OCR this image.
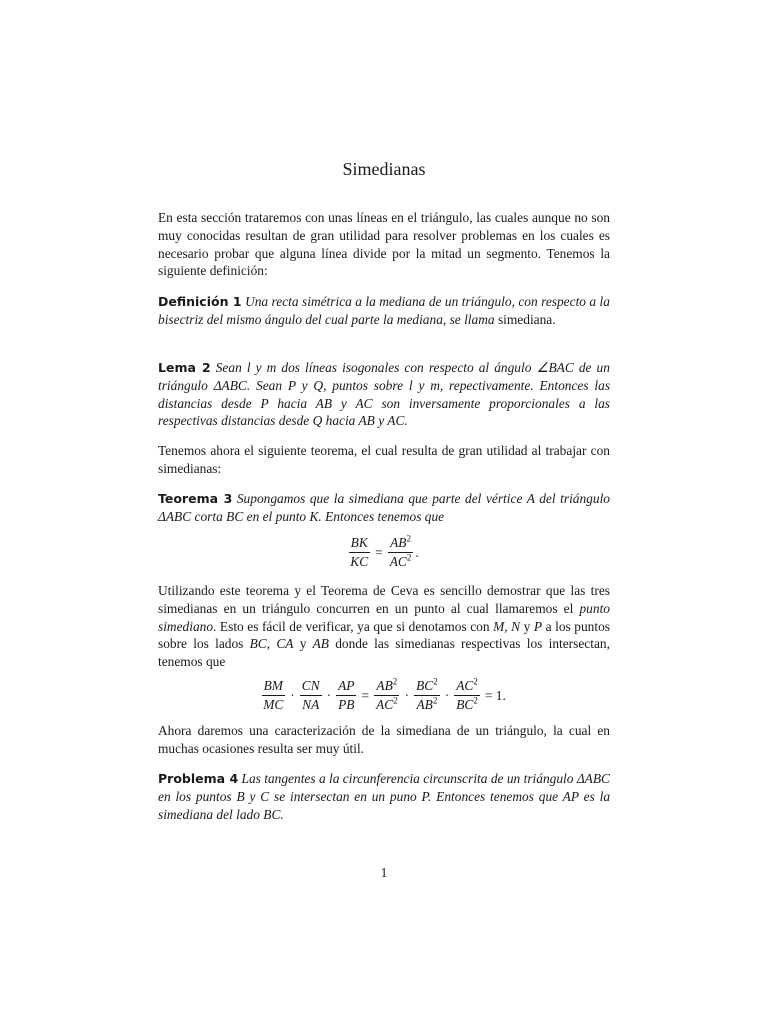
Simedianas
En esta sección trataremos con unas líneas en el triángulo, las cuales aunque no son muy conocidas resultan de gran utilidad para resolver problemas en los cuales es necesario probar que alguna línea divide por la mitad un segmento. Tenemos la siguiente definición:
Definición 1 Una recta simétrica a la mediana de un triángulo, con respecto a la bisectriz del mismo ángulo del cual parte la mediana, se llama simediana.
Lema 2 Sean l y m dos líneas isogonales con respecto al ángulo ∠BAC de un triángulo ΔABC. Sean P y Q, puntos sobre l y m, repectivamente. Entonces las distancias desde P hacia AB y AC son inversamente proporcionales a las respectivas distancias desde Q hacia AB y AC.
Tenemos ahora el siguiente teorema, el cual resulta de gran utilidad al trabajar con simedianas:
Teorema 3 Supongamos que la simediana que parte del vértice A del triángulo ΔABC corta BC en el punto K. Entonces tenemos que
$\frac{BK}{KC} = \frac{AB^2}{AC^2}$ .
Utilizando este teorema y el Teorema de Ceva es sencillo demostrar que las tres simedianas en un triángulo concurren en un punto al cual llamaremos el punto simediano. Esto es fácil de verificar, ya que si denotamos con M, N y P a los puntos sobre los lados BC, CA y AB donde las simedianas respectivas los intersectan, tenemos que
$\frac{BM}{MC} \cdot \frac{CN}{NA} \cdot \frac{AP}{PB} = \frac{AB^2}{AC^2} \cdot \frac{BC^2}{AB^2} \cdot \frac{AC^2}{BC^2} = 1$.
Ahora daremos una caracterización de la simediana de un triángulo, la cual en muchas ocasiones resulta ser muy útil.
Problema 4 Las tangentes a la circunferencia circunscrita de un triángulo ΔABC en los puntos B y C se intersectan en un puno P. Entonces tenemos que AP es la simediana del lado BC.
1
